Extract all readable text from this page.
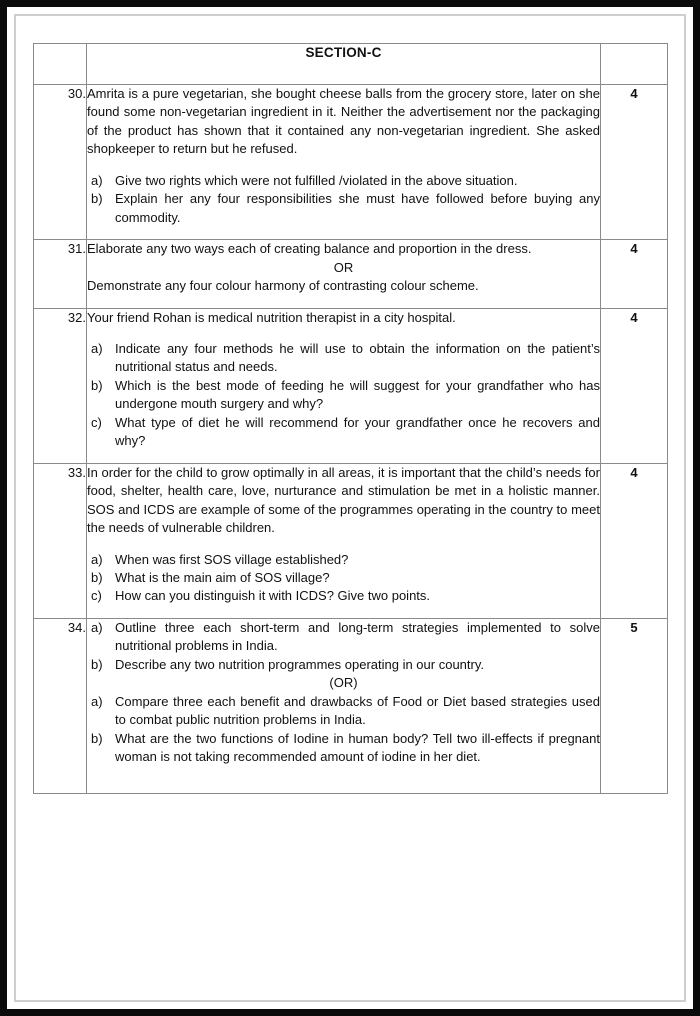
	SECTION-C	
30.	Amrita is a pure vegetarian, she bought cheese balls from the grocery store, later on she found some non-vegetarian ingredient in it. Neither the advertisement nor the packaging of the product has shown that it contained any non-vegetarian ingredient. She asked shopkeeper to return but he refused.

a) Give two rights which were not fulfilled /violated in the above situation.
b) Explain her any four responsibilities she must have followed before buying any commodity.
	4
31.	Elaborate any two ways each of creating balance and proportion in the dress.

OR

Demonstrate any four colour harmony of contrasting colour scheme.	4
32.	Your friend Rohan is medical nutrition therapist in a city hospital.

a) Indicate any four methods he will use to obtain the information on the patient’s nutritional status and needs.
b) Which is the best mode of feeding he will suggest for your grandfather who has undergone mouth surgery and why?
c)	What type of diet he will recommend for your grandfather once he recovers and why?
	4
33.	In order for the child to grow optimally in all areas, it is important that the child’s needs for food, shelter, health care, love, nurturance and stimulation be met in a holistic manner. SOS and ICDS are example of some of the programmes operating in the country to meet the needs of vulnerable children.

a) When was first SOS village established?
b) What is the main aim of SOS village?
c)	How can you distinguish it with ICDS? Give two points.
	4
34.	a) Outline three each short-term and long-term strategies implemented to solve nutritional problems in India.
b) Describe any two nutrition programmes operating in our country.

(OR)

a) Compare three each benefit and drawbacks of Food or Diet based strategies used to combat public nutrition problems in India.
b) What are the two functions of Iodine in human body? Tell two ill-effects if pregnant woman is not taking recommended amount of iodine in her diet.
	5
